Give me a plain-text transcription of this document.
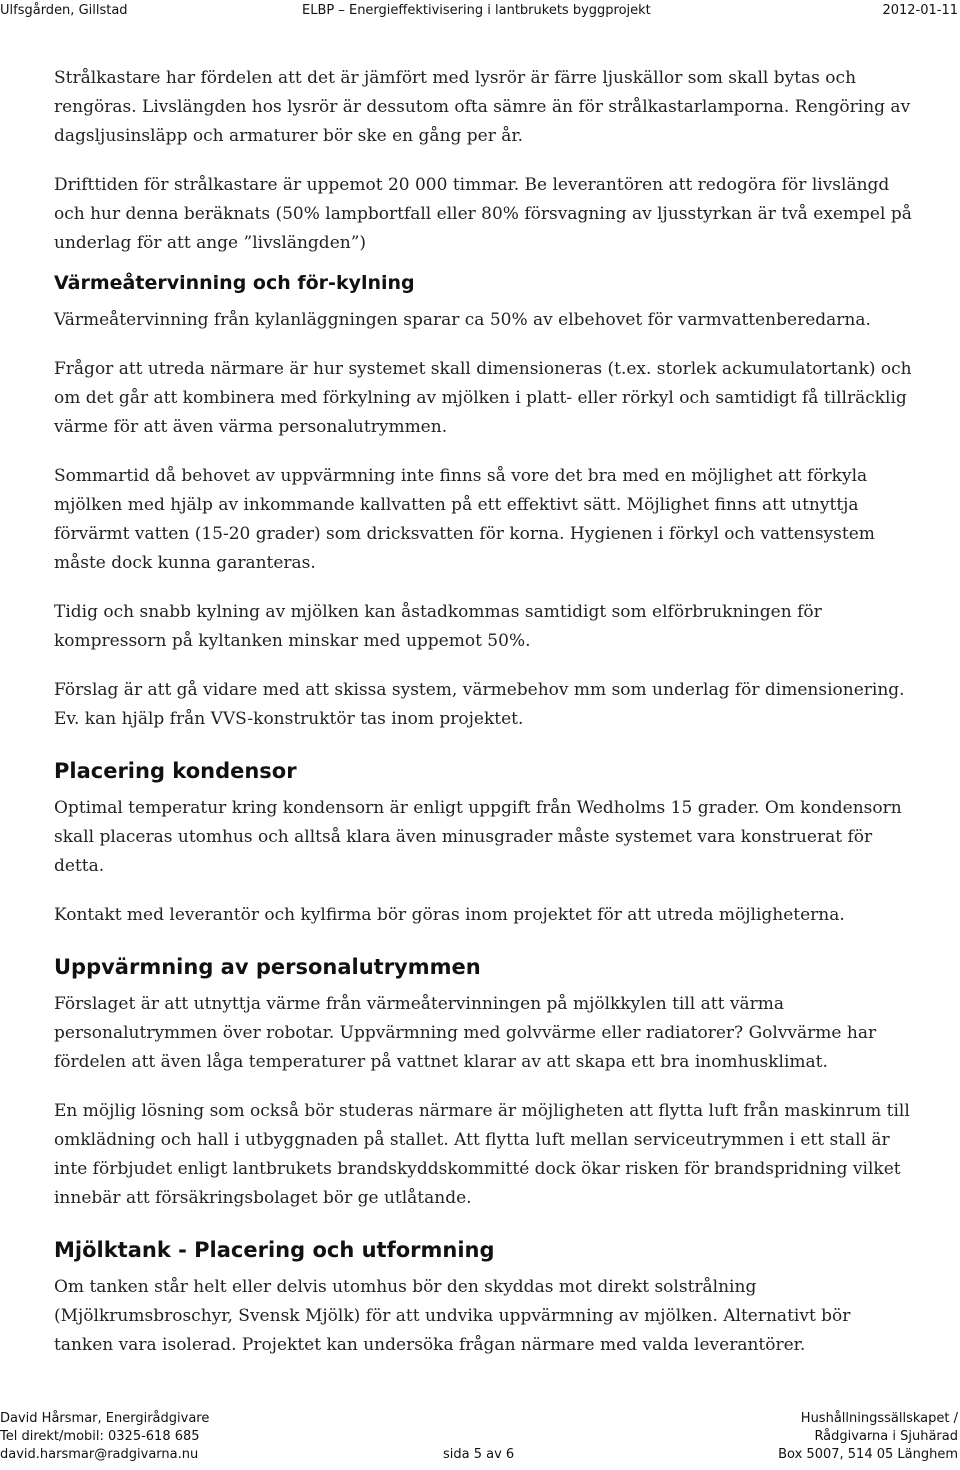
Ulfsgården, Gillstad	ELBP – Energieffektivisering i lantbrukets byggprojekt	2012-01-11

Strålkastare har fördelen att det är jämfört med lysrör är färre ljuskällor som skall bytas och rengöras. Livslängden hos lysrör är dessutom ofta sämre än för strålkastarlamporna. Rengöring av dagsljusinsläpp och armaturer bör ske en gång per år.

Drifttiden för strålkastare är uppemot 20 000 timmar. Be leverantören att redogöra för livslängd och hur denna beräknats (50% lampbortfall eller 80% försvagning av ljusstyrkan är två exempel på underlag för att ange ”livslängden”)

Värmeåtervinning och för-kylning

Värmeåtervinning från kylanläggningen sparar ca 50% av elbehovet för varmvattenberedarna.

Frågor att utreda närmare är hur systemet skall dimensioneras (t.ex. storlek ackumulatortank) och om det går att kombinera med förkylning av mjölken i platt- eller rörkyl och samtidigt få tillräcklig värme för att även värma personalutrymmen.

Sommartid då behovet av uppvärmning inte finns så vore det bra med en möjlighet att förkyla mjölken med hjälp av inkommande kallvatten på ett effektivt sätt. Möjlighet finns att utnyttja förvärmt vatten (15-20 grader) som dricksvatten för korna. Hygienen i förkyl och vattensystem måste dock kunna garanteras.

Tidig och snabb kylning av mjölken kan åstadkommas samtidigt som elförbrukningen för kompressorn på kyltanken minskar med uppemot 50%.

Förslag är att gå vidare med att skissa system, värmebehov mm som underlag för dimensionering. Ev. kan hjälp från VVS-konstruktör tas inom projektet.

Placering kondensor

Optimal temperatur kring kondensorn är enligt uppgift från Wedholms 15 grader. Om kondensorn skall placeras utomhus och alltså klara även minusgrader måste systemet vara konstruerat för detta.

Kontakt med leverantör och kylfirma bör göras inom projektet för att utreda möjligheterna.

Uppvärmning av personalutrymmen

Förslaget är att utnyttja värme från värmeåtervinningen på mjölkkylen till att värma personalutrymmen över robotar. Uppvärmning med golvvärme eller radiatorer? Golvvärme har fördelen att även låga temperaturer på vattnet klarar av att skapa ett bra inomhusklimat.

En möjlig lösning som också bör studeras närmare är möjligheten att flytta luft från maskinrum till omklädning och hall i utbyggnaden på stallet. Att flytta luft mellan serviceutrymmen i ett stall är inte förbjudet enligt lantbrukets brandskyddskommitté dock ökar risken för brandspridning vilket innebär att försäkringsbolaget bör ge utlåtande.

Mjölktank - Placering och utformning

Om tanken står helt eller delvis utomhus bör den skyddas mot direkt solstrålning (Mjölkrumsbroschyr, Svensk Mjölk) för att undvika uppvärmning av mjölken. Alternativt bör tanken vara isolerad. Projektet kan undersöka frågan närmare med valda leverantörer.

David Hårsmar, Energirådgivare
Tel direkt/mobil: 0325-618 685
david.harsmar@radgivarna.nu	sida 5 av 6
Hushållningssällskapet /
Rådgivarna i Sjuhärad
Box 5007, 514 05 Länghem
